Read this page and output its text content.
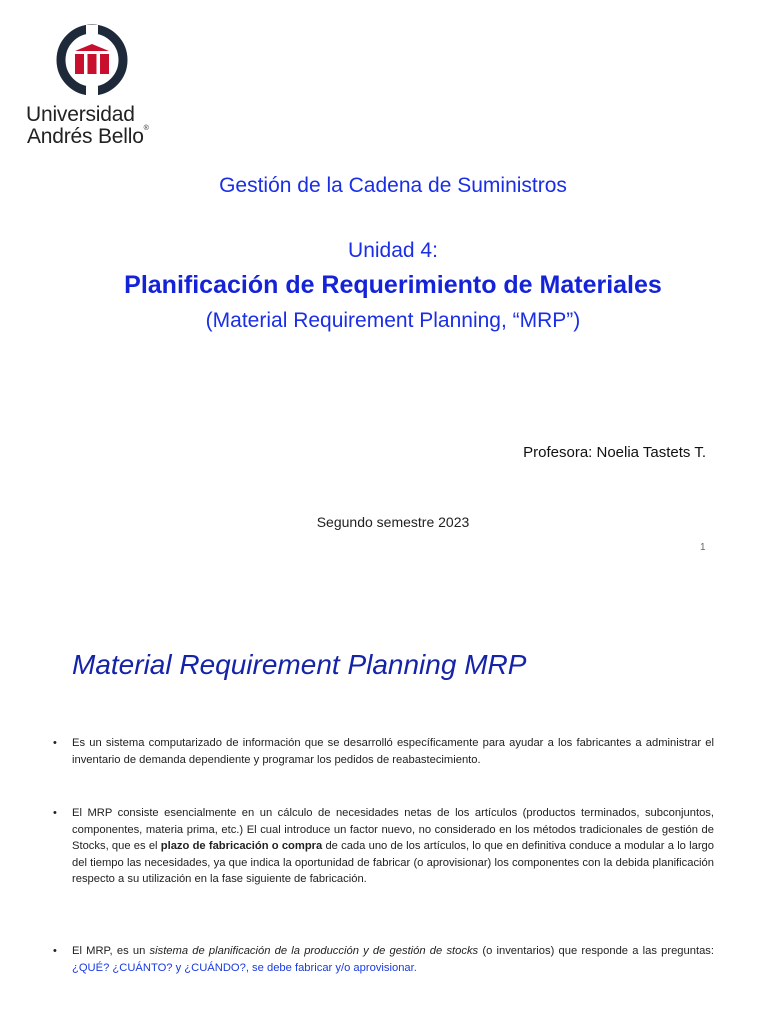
Universidad
Andrés Bello®
Gestión de la Cadena de Suministros
Unidad 4:
Planificación de Requerimiento de Materiales
(Material Requirement Planning, “MRP”)
Profesora: Noelia Tastets T.
Segundo semestre 2023
1
Material Requirement Planning MRP
• Es un sistema computarizado de información que se desarrolló específicamente para ayudar a los fabricantes a administrar el inventario de demanda dependiente y programar los pedidos de reabastecimiento.
• El MRP consiste esencialmente en un cálculo de necesidades netas de los artículos (productos terminados, subconjuntos, componentes, materia prima, etc.) El cual introduce un factor nuevo, no considerado en los métodos tradicionales de gestión de Stocks, que es el plazo de fabricación o compra de cada uno de los artículos, lo que en definitiva conduce a modular a lo largo del tiempo las necesidades, ya que indica la oportunidad de fabricar (o aprovisionar) los componentes con la debida planificación respecto a su utilización en la fase siguiente de fabricación.
• El MRP, es un sistema de planificación de la producción y de gestión de stocks (o inventarios) que responde a las preguntas: ¿QUÉ? ¿CUÁNTO? y ¿CUÁNDO?, se debe fabricar y/o aprovisionar.
